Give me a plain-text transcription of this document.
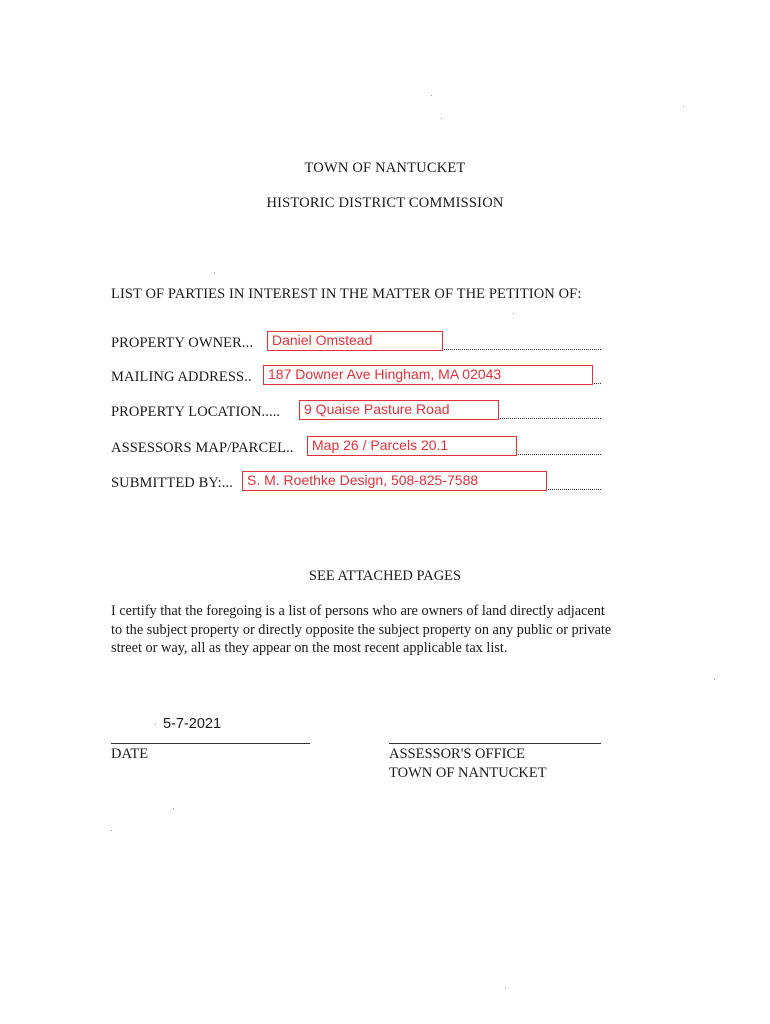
TOWN OF NANTUCKET
HISTORIC DISTRICT COMMISSION
LIST OF PARTIES IN INTEREST IN THE MATTER OF THE PETITION OF:
PROPERTY OWNER...	Daniel Omstead
MAILING ADDRESS..	187 Downer Ave Hingham, MA 02043
PROPERTY LOCATION.....	9 Quaise Pasture Road
ASSESSORS MAP/PARCEL..	Map 26 / Parcels 20.1
SUBMITTED BY:...	S. M. Roethke Design, 508-825-7588
SEE ATTACHED PAGES
I certify that the foregoing is a list of persons who are owners of land directly adjacent to the subject property or directly opposite the subject property on any public or private street or way, all as they appear on the most recent applicable tax list.
5-7-2021
DATE	ASSESSOR'S OFFICE
TOWN OF NANTUCKET
